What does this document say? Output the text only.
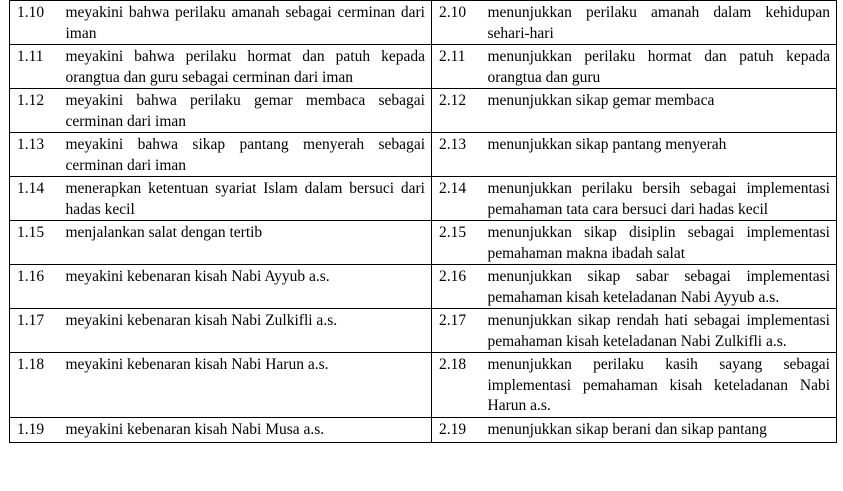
1.10	meyakini bahwa perilaku amanah sebagai cerminan dari iman	2.10	menunjukkan perilaku amanah dalam kehidupan sehari-hari
1.11	meyakini bahwa perilaku hormat dan patuh kepada orangtua dan guru sebagai cerminan dari iman	2.11	menunjukkan perilaku hormat dan patuh kepada orangtua dan guru
1.12	meyakini bahwa perilaku gemar membaca sebagai cerminan dari iman	2.12	menunjukkan sikap gemar membaca
1.13	meyakini bahwa sikap pantang menyerah sebagai cerminan dari iman	2.13	menunjukkan sikap pantang menyerah
1.14	menerapkan ketentuan syariat Islam dalam bersuci dari hadas kecil	2.14	menunjukkan perilaku bersih sebagai implementasi pemahaman tata cara bersuci dari hadas kecil
1.15	menjalankan salat dengan tertib	2.15	menunjukkan sikap disiplin sebagai implementasi pemahaman makna ibadah salat
1.16	meyakini kebenaran kisah Nabi Ayyub a.s.	2.16	menunjukkan sikap sabar sebagai implementasi pemahaman kisah keteladanan Nabi Ayyub a.s.
1.17	meyakini kebenaran kisah Nabi Zulkifli a.s.	2.17	menunjukkan sikap rendah hati sebagai implementasi pemahaman kisah keteladanan Nabi Zulkifli a.s.
1.18	meyakini kebenaran kisah Nabi Harun a.s.	2.18	menunjukkan perilaku kasih sayang sebagai implementasi pemahaman kisah keteladanan Nabi Harun a.s.
1.19	meyakini kebenaran kisah Nabi Musa a.s.	2.19	menunjukkan sikap berani dan sikap pantang
